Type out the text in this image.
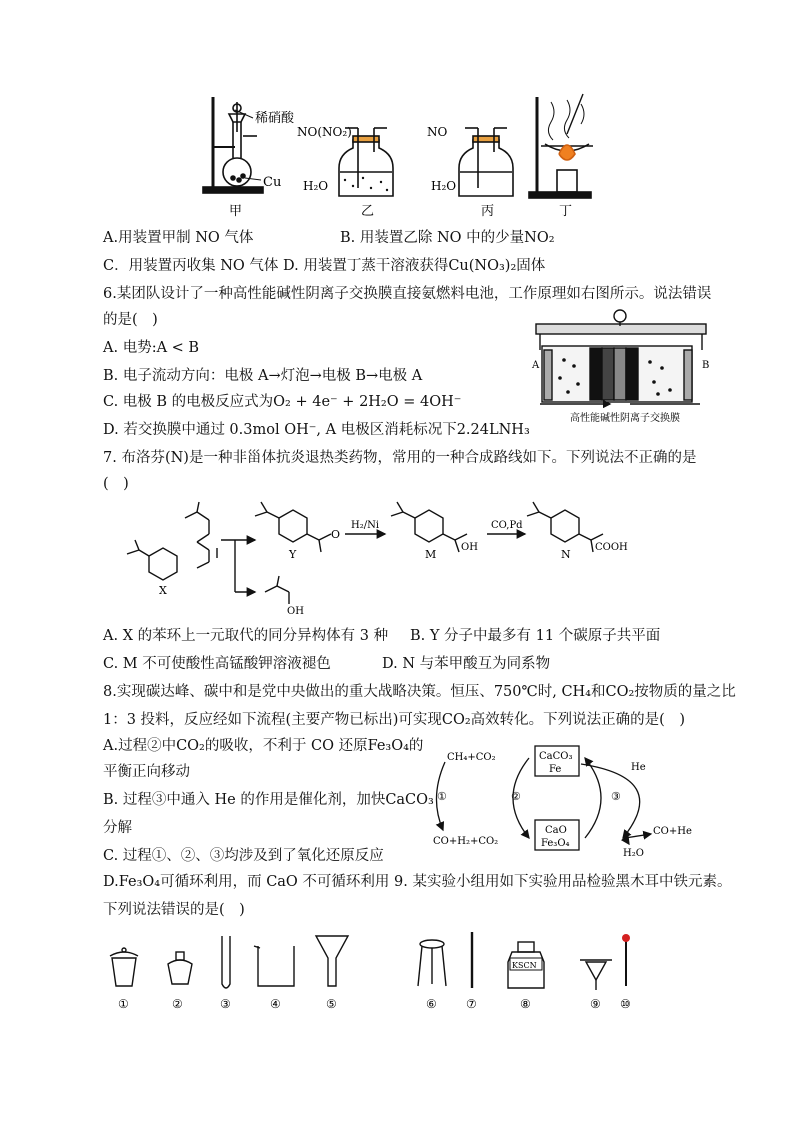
稀硝酸
Cu
NO(NO₂)
H₂O
NO
H₂O
甲	乙	丙	丁
A.用装置甲制 NO 气体	B. 用装置乙除 NO 中的少量NO₂
C．用装置丙收集 NO 气体 D. 用装置丁蒸干溶液获得Cu(NO₃)₂固体
6.某团队设计了一种高性能碱性阴离子交换膜直接氨燃料电池，工作原理如右图所示。说法错误
的是(　)
A. 电势:A < B
B. 电子流动方向：电极 A→灯泡→电极 B→电极 A
C. 电极 B 的电极反应式为O₂ + 4e⁻ + 2H₂O = 4OH⁻
D. 若交换膜中通过 0.3mol OH⁻, A 电极区消耗标况下2.24LNH₃
A	B
高性能碱性阴离子交换膜
7. 布洛芬(N)是一种非甾体抗炎退热类药物，常用的一种合成路线如下。下列说法不正确的是
(　)
X
Y
O
H₂/Ni
M
OH
CO,Pd
N
COOH
OH
A. X 的苯环上一元取代的同分异构体有 3 种 B. Y 分子中最多有 11 个碳原子共平面
C. M 不可使酸性高锰酸钾溶液褪色	D. N 与苯甲酸互为同系物
8.实现碳达峰、碳中和是党中央做出的重大战略决策。恒压、750℃时, CH₄和CO₂按物质的量之比
1：3 投料，反应经如下流程(主要产物已标出)可实现CO₂高效转化。下列说法正确的是(　)
A.过程②中CO₂的吸收，不利于 CO 还原Fe₃O₄的
平衡正向移动
B. 过程③中通入 He 的作用是催化剂，加快CaCO₃
分解
C. 过程①、②、③均涉及到了氧化还原反应
D.Fe₃O₄可循环利用，而 CaO 不可循环利用 9. 某实验小组用如下实验用品检验黑木耳中铁元素。
CH₄+CO₂	CaCO₃
Fe
CaO
Fe₃O₄
He
CO+H₂+CO₂
CO+He
H₂O
①	②	③
下列说法错误的是(　)
KSCN
①	②	③	④	⑤	⑥ ⑦	⑧	⑨ ⑩
